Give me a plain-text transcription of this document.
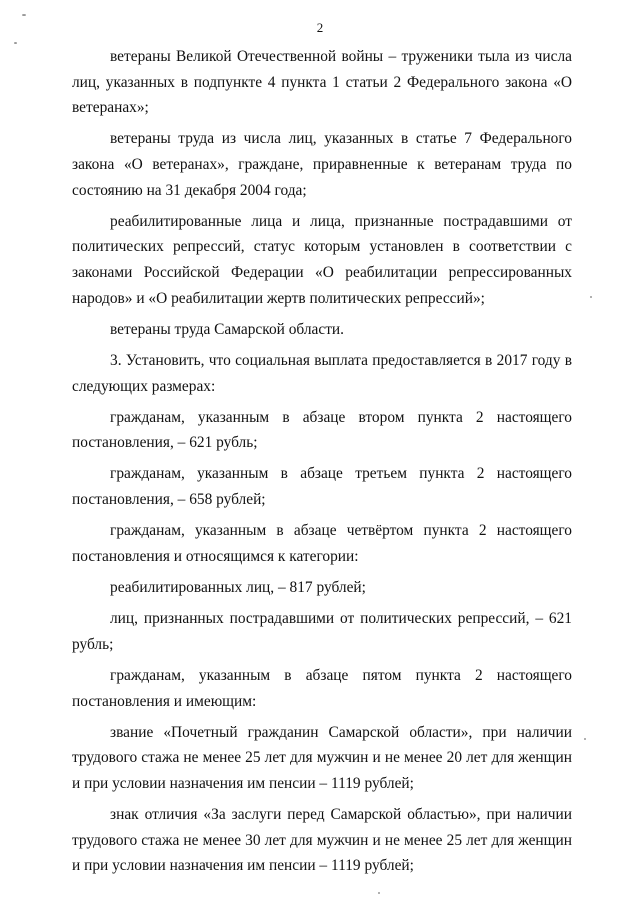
2

ветераны Великой Отечественной войны – труженики тыла из числа лиц, указанных в подпункте 4 пункта 1 статьи 2 Федерального закона «О ветеранах»;

ветераны труда из числа лиц, указанных в статье 7 Федерального закона «О ветеранах», граждане, приравненные к ветеранам труда по состоянию на 31 декабря 2004 года;

реабилитированные лица и лица, признанные пострадавшими от политических репрессий, статус которым установлен в соответствии с законами Российской Федерации «О реабилитации репрессированных народов» и «О реабилитации жертв политических репрессий»;

ветераны труда Самарской области.

3. Установить, что социальная выплата предоставляется в 2017 году в следующих размерах:

гражданам, указанным в абзаце втором пункта 2 настоящего постановления, – 621 рубль;

гражданам, указанным в абзаце третьем пункта 2 настоящего постановления, – 658 рублей;

гражданам, указанным в абзаце четвёртом пункта 2 настоящего постановления и относящимся к категории:

реабилитированных лиц, – 817 рублей;

лиц, признанных пострадавшими от политических репрессий, – 621 рубль;

гражданам, указанным в абзаце пятом пункта 2 настоящего постановления и имеющим:

звание «Почетный гражданин Самарской области», при наличии трудового стажа не менее 25 лет для мужчин и не менее 20 лет для женщин и при условии назначения им пенсии – 1119 рублей;

знак отличия «За заслуги перед Самарской областью», при наличии трудового стажа не менее 30 лет для мужчин и не менее 25 лет для женщин и при условии назначения им пенсии – 1119 рублей;
